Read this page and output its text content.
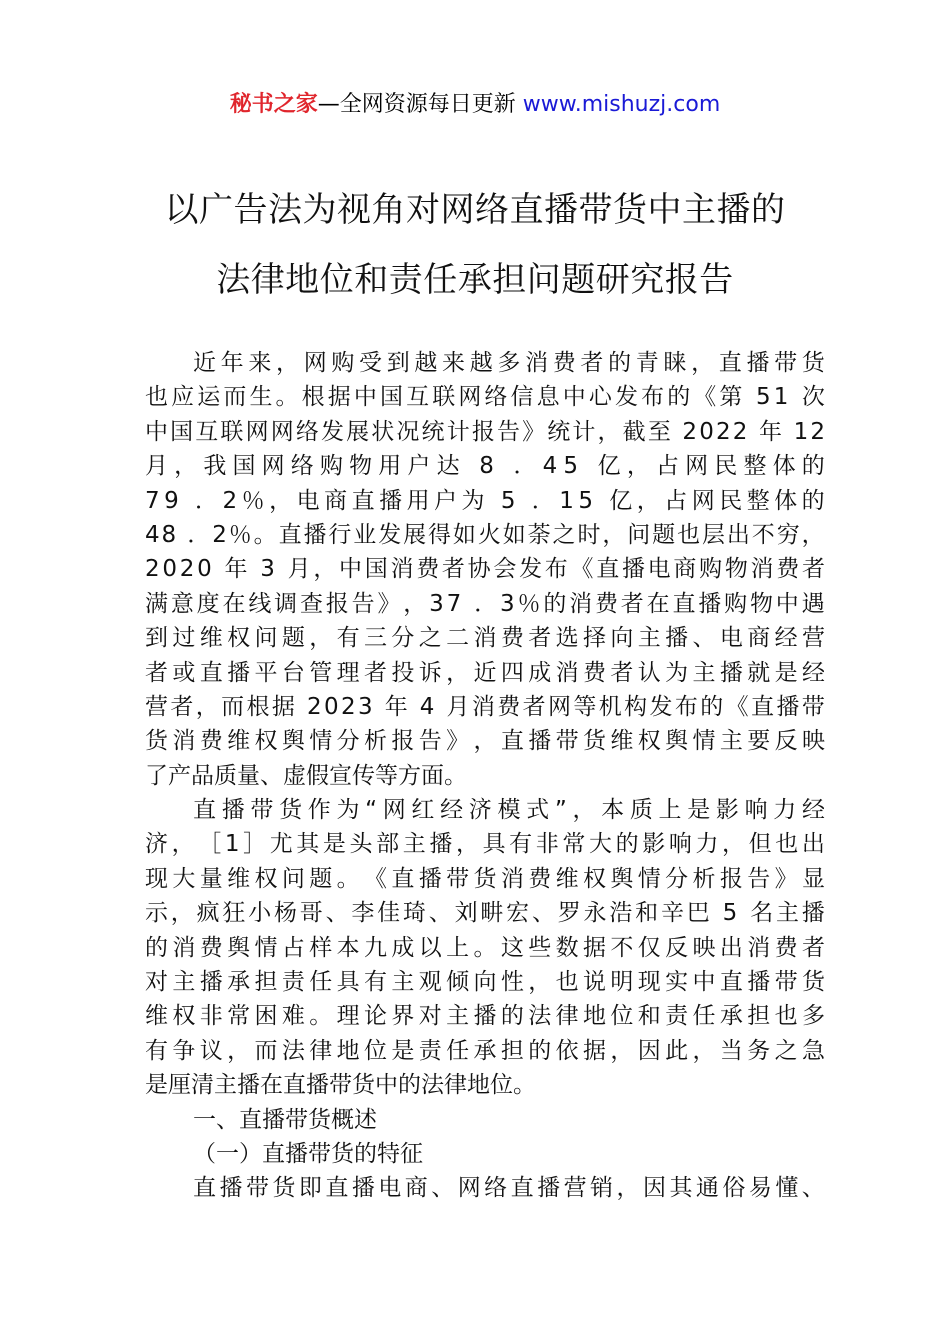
秘书之家—全网资源每日更新 www.mishuzj.com
以广告法为视角对网络直播带货中主播的
法律地位和责任承担问题研究报告
近 年 来 ， 网 购 受 到 越 来 越 多 消 费 者 的 青 睐 ， 直 播 带 货
也 应 运 而 生 。 根 据 中 国 互 联 网 络 信 息 中 心 发 布 的 《 第
5 1
次
中 国 互 联 网 网 络 发 展 状 况 统 计 报 告 》 统 计 ， 截 至
2 0 2 2
年
1 2
月 ， 我 国 网 络 购 物 用 户 达
8
． 4 5
亿 ， 占 网 民 整 体 的
7 9
． 2 ％ ， 电 商 直 播 用 户 为
5
． 1 5
亿 ， 占 网 民 整 体 的
4 8
． 2 ％ 。 直 播 行 业 发 展 得 如 火 如 荼 之 时 ， 问 题 也 层 出 不 穷 ，
2 0 2 0
年
3
月 ， 中 国 消 费 者 协 会 发 布 《 直 播 电 商 购 物 消 费 者
满 意 度 在 线 调 查 报 告 》 ， 3 7
． 3 ％ 的 消 费 者 在 直 播 购 物 中 遇
到 过 维 权 问 题 ， 有 三 分 之 二 消 费 者 选 择 向 主 播 、 电 商 经 营
者 或 直 播 平 台 管 理 者 投 诉 ， 近 四 成 消 费 者 认 为 主 播 就 是 经
营 者 ， 而 根 据
2 0 2 3
年
4
月 消 费 者 网 等 机 构 发 布 的 《 直 播 带
货 消 费 维 权 舆 情 分 析 报 告 》 ， 直 播 带 货 维 权 舆 情 主 要 反 映
了产品质量、虚假宣传等方面。
直 播 带 货 作 为 “ 网 红 经 济 模 式 ” ， 本 质 上 是 影 响 力 经
济 ， ［ 1 ］ 尤 其 是 头 部 主 播 ， 具 有 非 常 大 的 影 响 力 ， 但 也 出
现 大 量 维 权 问 题 。 《 直 播 带 货 消 费 维 权 舆 情 分 析 报 告 》 显
示 ， 疯 狂 小 杨 哥 、 李 佳 琦 、 刘 畊 宏 、 罗 永 浩 和 辛 巴
5
名 主 播
的 消 费 舆 情 占 样 本 九 成 以 上 。 这 些 数 据 不 仅 反 映 出 消 费 者
对 主 播 承 担 责 任 具 有 主 观 倾 向 性 ， 也 说 明 现 实 中 直 播 带 货
维 权 非 常 困 难 。 理 论 界 对 主 播 的 法 律 地 位 和 责 任 承 担 也 多
有 争 议 ， 而 法 律 地 位 是 责 任 承 担 的 依 据 ， 因 此 ， 当 务 之 急
是厘清主播在直播带货中的法律地位。
一、直播带货概述
（一）直播带货的特征
直 播 带 货 即 直 播 电 商 、 网 络 直 播 营 销 ， 因 其 通 俗 易 懂 、
